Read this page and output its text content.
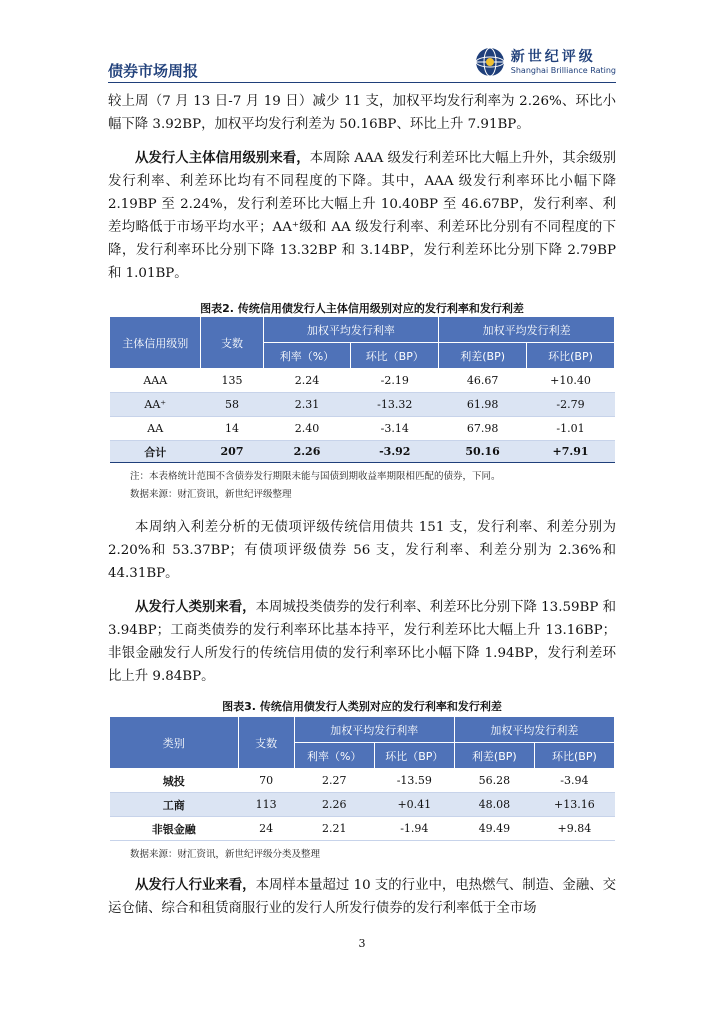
债券市场周报
新世纪评级
Shanghai Brilliance Rating

较上周（7 月 13 日-7 月 19 日）减少 11 支，加权平均发行利率为 2.26%、环比小幅下降 3.92BP，加权平均发行利差为 50.16BP、环比上升 7.91BP。

从发行人主体信用级别来看，本周除 AAA 级发行利差环比大幅上升外，其余级别发行利率、利差环比均有不同程度的下降。其中，AAA 级发行利率环比小幅下降 2.19BP 至 2.24%，发行利差环比大幅上升 10.40BP 至 46.67BP，发行利率、利差均略低于市场平均水平；AA⁺级和 AA 级发行利率、利差环比分别有不同程度的下降，发行利率环比分别下降 13.32BP 和 3.14BP，发行利差环比分别下降 2.79BP 和 1.01BP。

图表2. 传统信用债发行人主体信用级别对应的发行利率和发行利差
主体信用级别	支数	加权平均发行利率		加权平均发行利差	
		利率（%）	环比（BP）	利差(BP)	环比(BP)
AAA	135	2.24	-2.19	46.67	+10.40
AA⁺	58	2.31	-13.32	61.98	-2.79
AA	14	2.40	-3.14	67.98	-1.01
合计	207	2.26	-3.92	50.16	+7.91
注：本表格统计范围不含债券发行期限未能与国债到期收益率期限相匹配的债券，下同。
数据来源：财汇资讯，新世纪评级整理

本周纳入利差分析的无债项评级传统信用债共 151 支，发行利率、利差分别为 2.20%和 53.37BP；有债项评级债券 56 支，发行利率、利差分别为 2.36%和 44.31BP。

从发行人类别来看，本周城投类债券的发行利率、利差环比分别下降 13.59BP 和 3.94BP；工商类债券的发行利率环比基本持平，发行利差环比大幅上升 13.16BP；非银金融发行人所发行的传统信用债的发行利率环比小幅下降 1.94BP，发行利差环比上升 9.84BP。

图表3. 传统信用债发行人类别对应的发行利率和发行利差
类别	支数	加权平均发行利率		加权平均发行利差	
		利率（%）	环比（BP）	利差(BP)	环比(BP)
城投	70	2.27	-13.59	56.28	-3.94
工商	113	2.26	+0.41	48.08	+13.16
非银金融	24	2.21	-1.94	49.49	+9.84
数据来源：财汇资讯，新世纪评级分类及整理

从发行人行业来看，本周样本量超过 10 支的行业中，电热燃气、制造、金融、交运仓储、综合和租赁商服行业的发行人所发行债券的发行利率低于全市场

3
